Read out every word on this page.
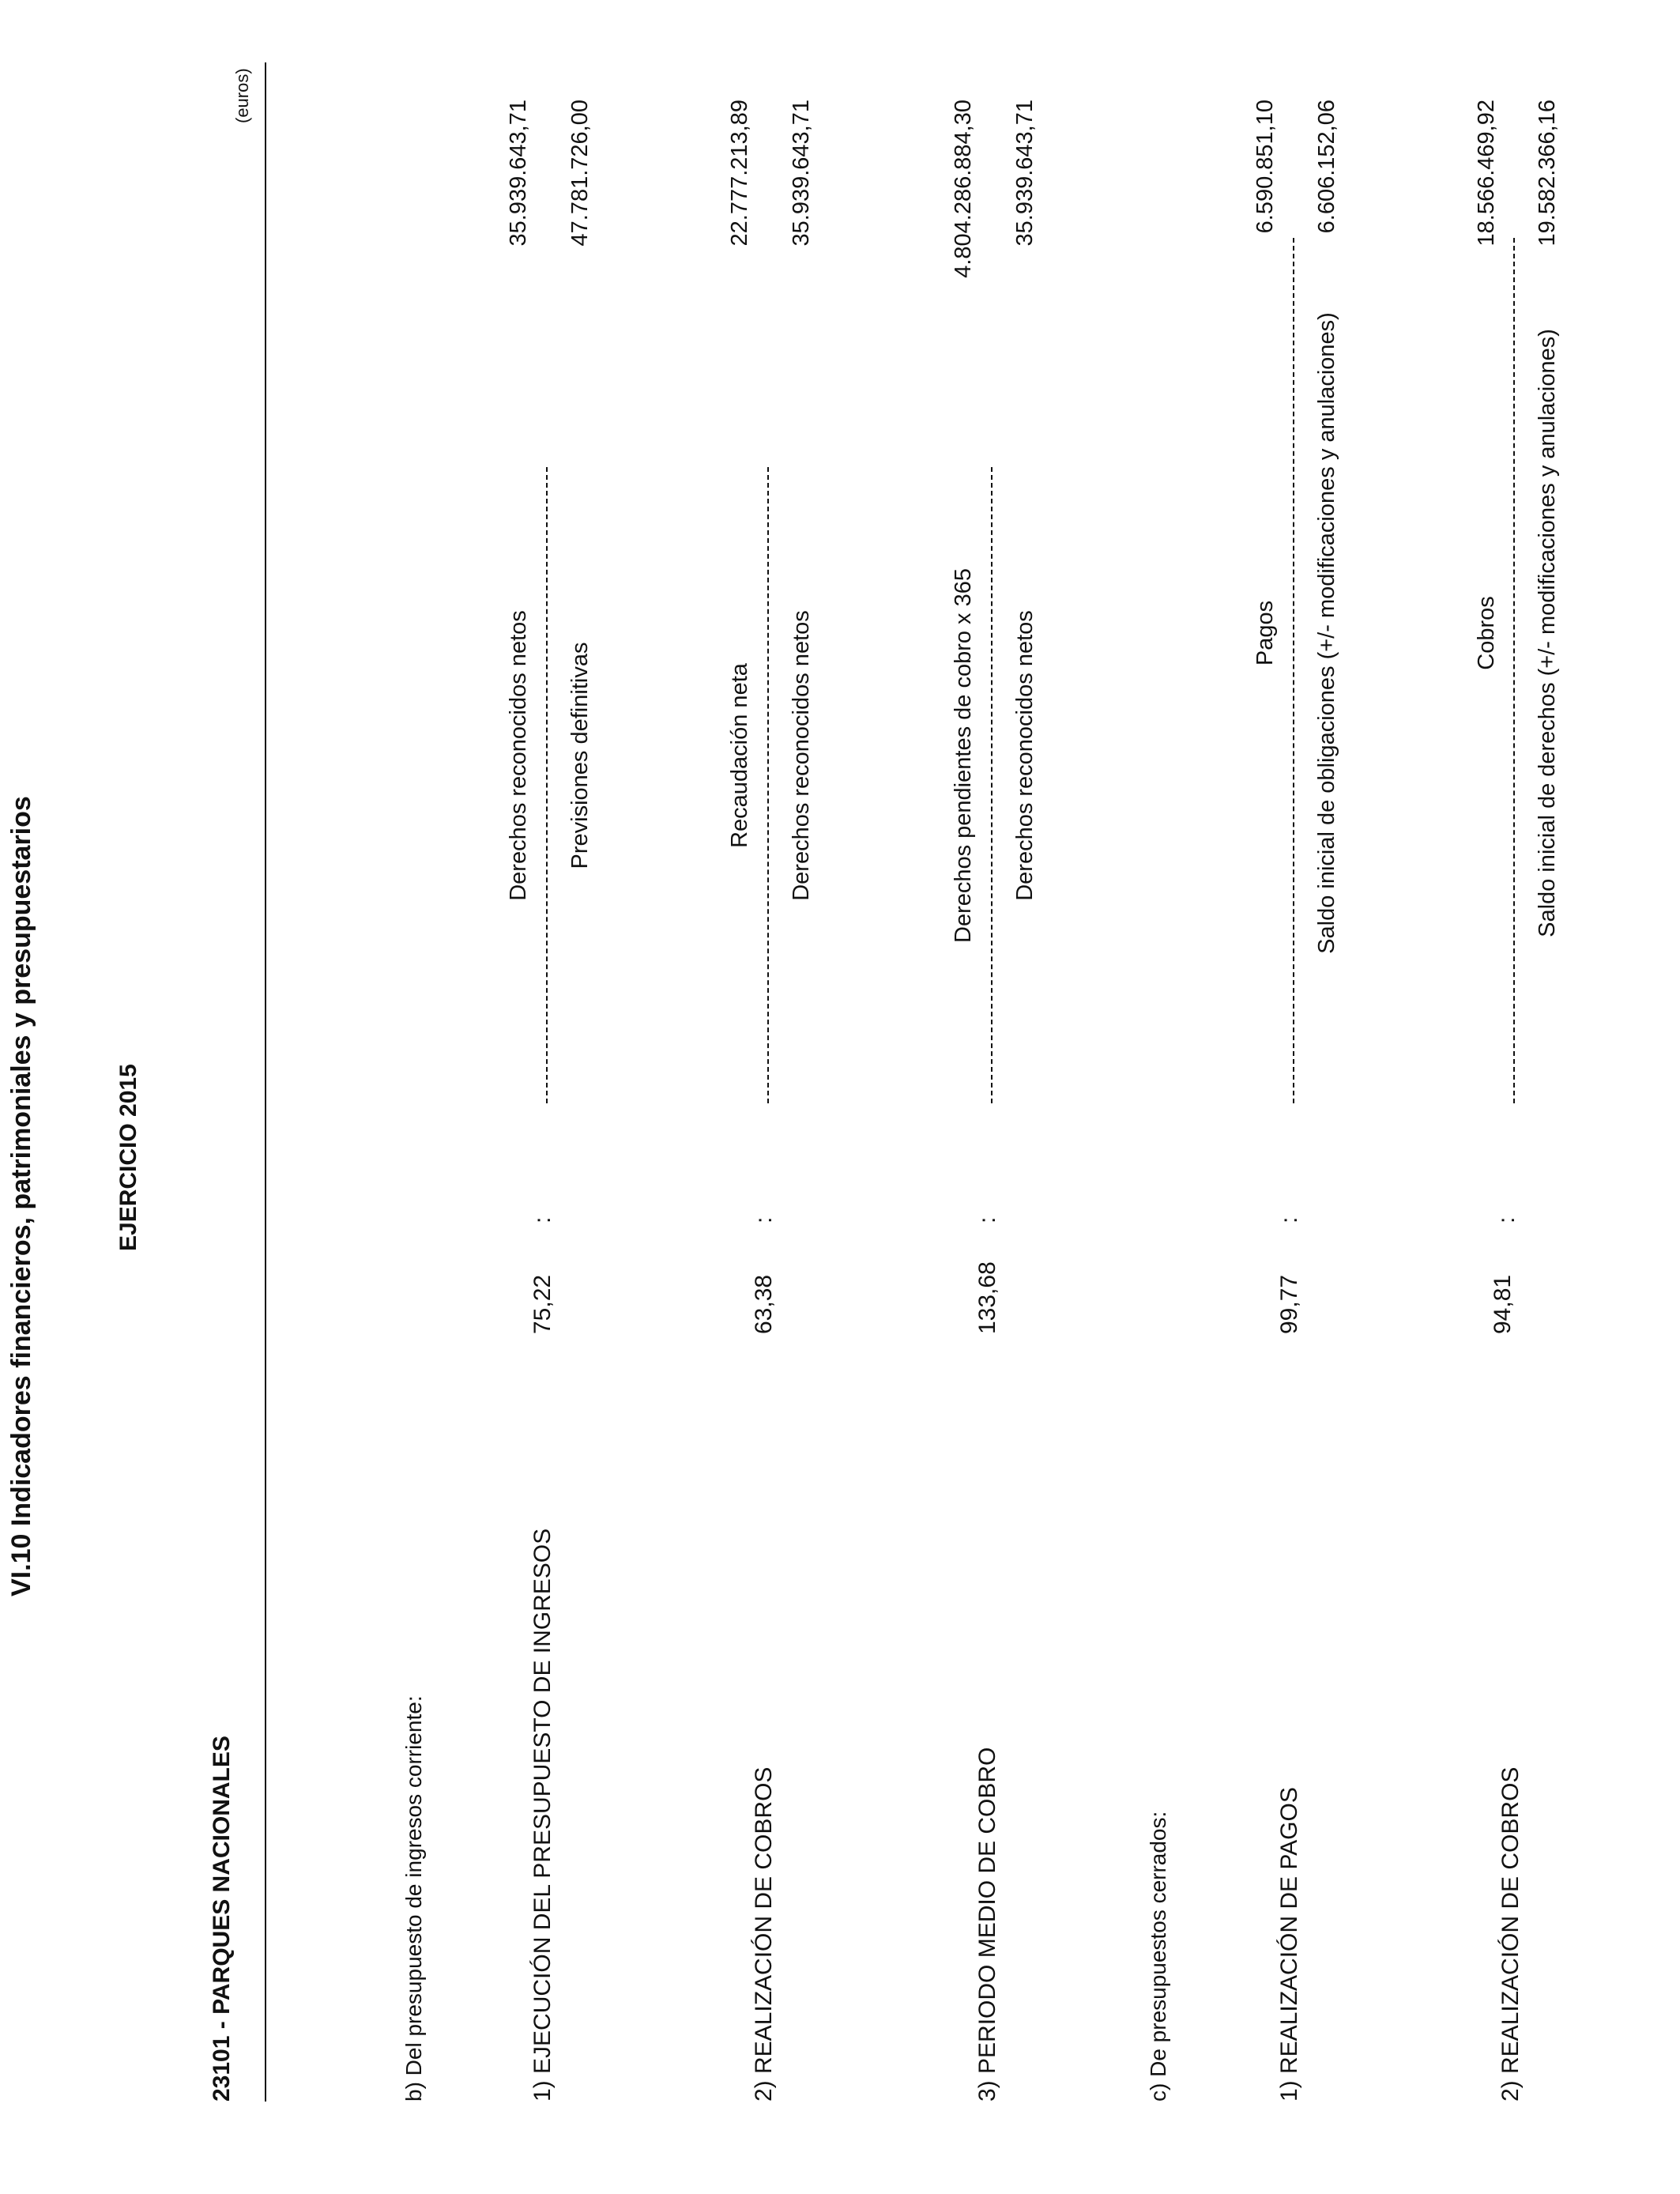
VI.10 Indicadores financieros, patrimoniales y presupuestarios
23101 - PARQUES NACIONALES
EJERCICIO 2015
(euros)
b) Del presupuesto de ingresos corriente:	1) EJECUCIÓN DEL PRESUPUESTO DE INGRESOS
75,22
:
Derechos reconocidos netos Previsiones definitivas
35.939.643,71 47.781.726,00
2) REALIZACIÓN DE COBROS
63,38
:
Recaudación neta Derechos reconocidos netos
22.777.213,89 35.939.643,71
3) PERIODO MEDIO DE COBRO
133,68
:
Derechos pendientes de cobro x 365 Derechos reconocidos netos
4.804.286.884,30 35.939.643,71
c) De presupuestos cerrados:	1) REALIZACIÓN DE PAGOS
99,77
:
Pagos Saldo inicial de obligaciones (+/- modificaciones y anulaciones)
6.590.851,10 6.606.152,06
2) REALIZACIÓN DE COBROS
94,81
:
Cobros Saldo inicial de derechos (+/- modificaciones y anulaciones)
18.566.469,92 19.582.366,16
